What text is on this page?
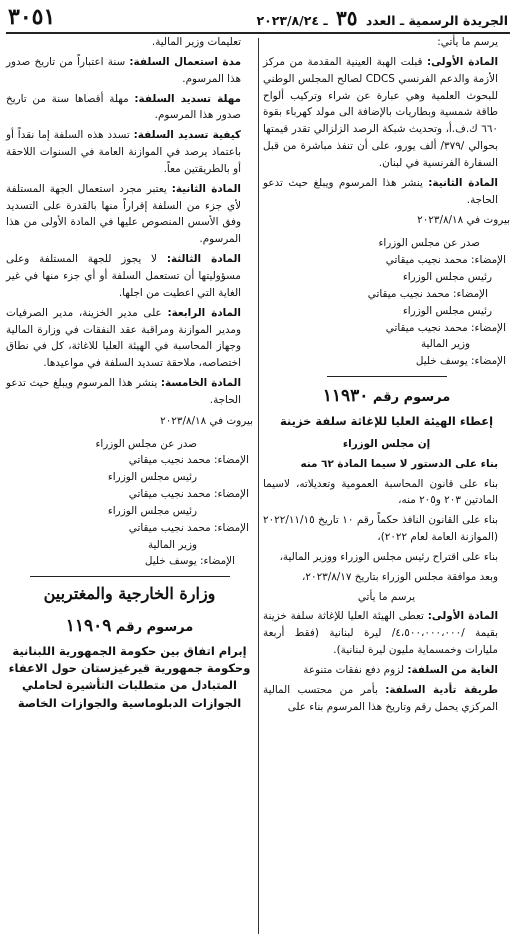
الجريدة الرسمية ـ العدد ٣٥ ـ ٢٠٢٣/٨/٢٤
٣٠٥١

يرسم ما يأتي:

المادة الأولى: قبلت الهبة العينية المقدمة من مركز الأزمة والدعم الفرنسي CDCS لصالح المجلس الوطني للبحوث العلمية وهي عبارة عن شراء وتركيب ألواح طاقة شمسية وبطاريات بالإضافة الى مولد كهرباء بقوة ٦٦٠ ك.ف.أ، وتحديث شبكة الرصد الزلزالي تقدر قيمتها بحوالي /٣٧٩/ ألف يورو، على أن تنفذ مباشرة من قبل السفارة الفرنسية في لبنان.

المادة الثانية: ينشر هذا المرسوم ويبلغ حيث تدعو الحاجة.

بيروت في ٢٠٢٣/٨/١٨

صدر عن مجلس الوزراء

الإمضاء: محمد نجيب ميقاتي

رئيس مجلس الوزراء

الإمضاء: محمد نجيب ميقاتي

رئيس مجلس الوزراء

الإمضاء: محمد نجيب ميقاتي

وزير المالية

الإمضاء: يوسف خليل

مرسوم رقم ١١٩٣٠
إعطاء الهيئة العليا للإغاثة سلفة خزينة

إن مجلس الوزراء

بناء على الدستور لا سيما المادة ٦٢ منه

بناء على قانون المحاسبة العمومية وتعديلاته، لاسيما المادتين ٢٠٣ و٢٠٥ منه،

بناء على القانون النافذ حكماً رقم ١٠ تاريخ ٢٠٢٢/١١/١٥ (الموازنة العامة لعام ٢٠٢٢)،

بناء على اقتراح رئيس مجلس الوزراء ووزير المالية،

وبعد موافقة مجلس الوزراء بتاريخ ٢٠٢٣/٨/١٧،

يرسم ما يأتي

المادة الأولى: تعطى الهيئة العليا للإغاثة سلفة خزينة بقيمة /٤،٥٠٠،٠٠٠،٠٠٠/ ليرة لبنانية (فقط أربعة مليارات وخمسماية مليون ليرة لبنانية).

الغاية من السلفة: لزوم دفع نفقات متنوعة

طريقة تأدية السلفة: بأمر من محتسب المالية المركزي يحمل رقم وتاريخ هذا المرسوم بناء على

تعليمات وزير المالية.

مدة استعمال السلفة: سنة اعتباراً من تاريخ صدور هذا المرسوم.

مهلة تسديد السلفة: مهلة أقصاها سنة من تاريخ صدور هذا المرسوم.

كيفية تسديد السلفة: تسدد هذه السلفة إما نقداً أو باعتماد يرصد في الموازنة العامة في السنوات اللاحقة أو بالطريقتين معاً.

المادة الثانية: يعتبر مجرد استعمال الجهة المستلفة لأي جزء من السلفة إقراراً منها بالقدرة على التسديد وفق الأسس المنصوص عليها في المادة الأولى من هذا المرسوم.

المادة الثالثة: لا يجوز للجهة المستلفة وعلى مسؤوليتها أن تستعمل السلفة أو أي جزء منها في غير الغاية التي اعطيت من اجلها.

المادة الرابعة: على مدير الخزينة، مدير الصرفيات ومدير الموازنة ومراقبة عقد النفقات في وزارة المالية وجهاز المحاسبة في الهيئة العليا للاغاثة، كل في نطاق اختصاصه، ملاحقة تسديد السلفة في مواعيدها.

المادة الخامسة: ينشر هذا المرسوم ويبلغ حيث تدعو الحاجة.

بيروت في ٢٠٢٣/٨/١٨

صدر عن مجلس الوزراء

الإمضاء: محمد نجيب ميقاتي

رئيس مجلس الوزراء

الإمضاء: محمد نجيب ميقاتي

رئيس مجلس الوزراء

الإمضاء: محمد نجيب ميقاتي

وزير المالية

الإمضاء: يوسف خليل

وزارة الخارجية والمغتربين
مرسوم رقم ١١٩٠٩
إبرام اتفاق بين حكومة الجمهورية اللبنانية وحكومة جمهورية قيرغيزستان حول الاعفاء المتبادل من متطلبات التأشيرة لحاملي الجوازات الدبلوماسية والجوازات الخاصة
